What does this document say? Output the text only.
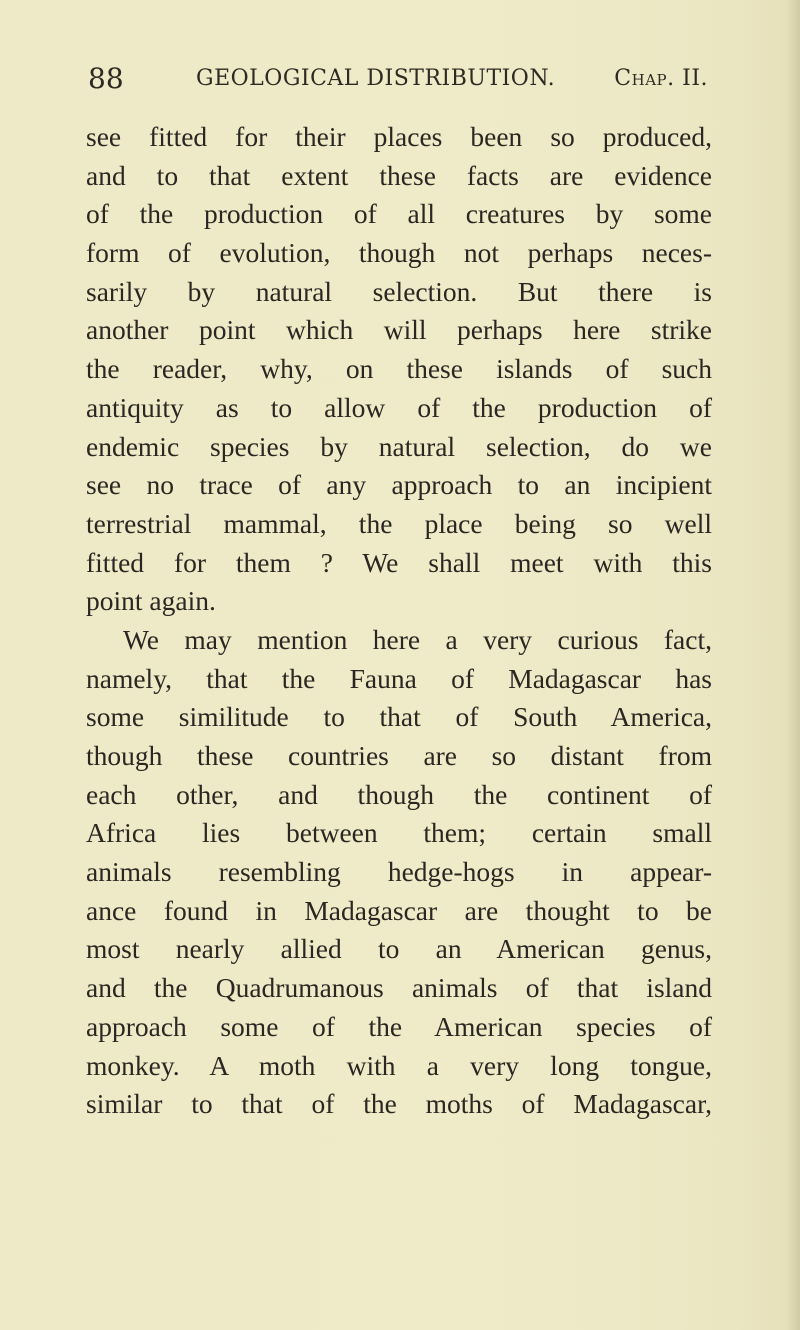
88	GEOLOGICAL DISTRIBUTION.	Chap. II.
see fitted for their places been so produced,
and to that extent these facts are evidence
of the production of all creatures by some
form of evolution, though not perhaps neces-
sarily by natural selection. But there is
another point which will perhaps here strike
the reader, why, on these islands of such
antiquity as to allow of the production of
endemic species by natural selection, do we
see no trace of any approach to an incipient
terrestrial mammal, the place being so well
fitted for them ? We shall meet with this
point again.
We may mention here a very curious fact,
namely, that the Fauna of Madagascar has
some similitude to that of South America,
though these countries are so distant from
each other, and though the continent of
Africa lies between them; certain small
animals resembling hedge-hogs in appear-
ance found in Madagascar are thought to be
most nearly allied to an American genus,
and the Quadrumanous animals of that island
approach some of the American species of
monkey. A moth with a very long tongue,
similar to that of the moths of Madagascar,
